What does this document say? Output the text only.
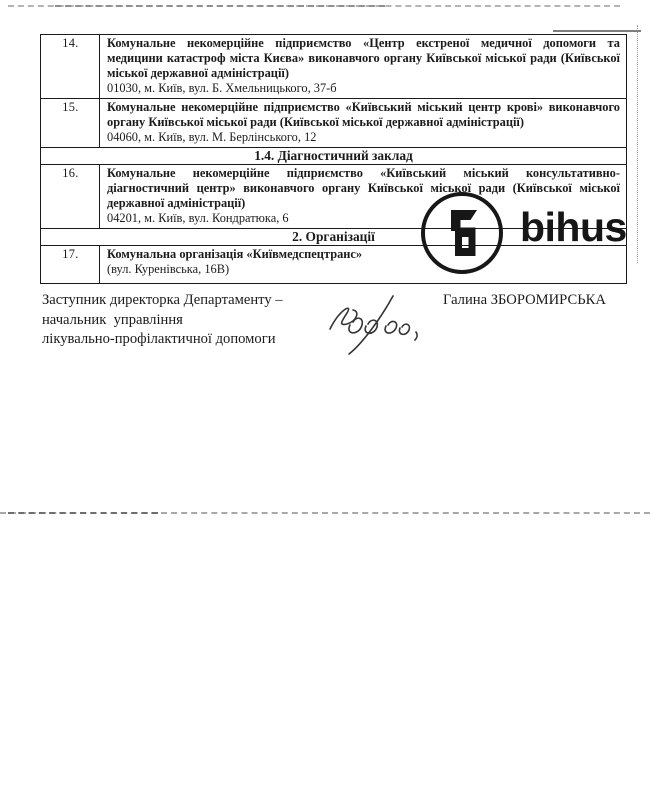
14.	Комунальне некомерційне підприємство «Центр екстреної медичної допомоги та медицини катастроф міста Києва» виконавчого органу Київської міської ради (Київської міської державної адміністрації)
01030, м. Київ, вул. Б. Хмельницького, 37-б

15.	Комунальне некомерційне підприємство «Київський міський центр крові» виконавчого органу Київської міської ради (Київської міської державної адміністрації)
04060, м. Київ, вул. М. Берлінського, 12

1.4. Діагностичний заклад	
16.	Комунальне некомерційне підприємство «Київський міський консультативно-діагностичний центр» виконавчого органу Київської міської ради (Київської міської державної адміністрації)
04201, м. Київ, вул. Кондратюка, 6

2. Організації	
17.	Комунальна організація «Київмедспецтранс»
(вул. Куренівська, 16В)
bihus
Заступник директорка Департаменту –
начальник  управління
лікувально-профілактичної допомоги
Галина ЗБОРОМИРСЬКА
